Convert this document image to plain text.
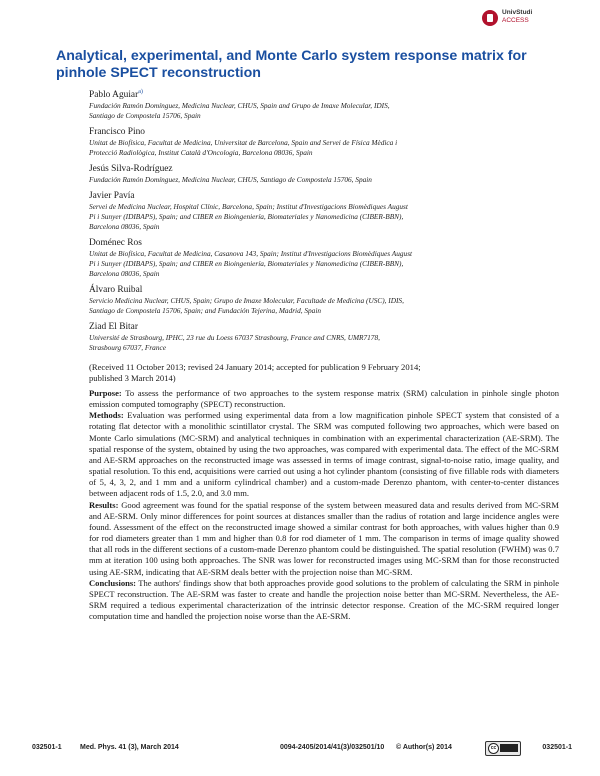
UnivStudi
ACCESS
Analytical, experimental, and Monte Carlo system response matrix for pinhole SPECT reconstruction
Pablo Aguiar$^{a)}$
Fundación Ramón Domínguez, Medicina Nuclear, CHUS, Spain and Grupo de Imaxe Molecular, IDIS,
Santiago de Compostela 15706, Spain
Francisco Pino
Unitat de Biofísica, Facultat de Medicina, Universitat de Barcelona, Spain and Servei de Física Mèdica i
Protecció Radiològica, Institut Català d'Oncologia, Barcelona 08036, Spain
Jesús Silva-Rodríguez
Fundación Ramón Domínguez, Medicina Nuclear, CHUS, Santiago de Compostela 15706, Spain
Javier Pavía
Servei de Medicina Nuclear, Hospital Clínic, Barcelona, Spain; Institut d'Investigacions Biomèdiques August
Pi i Sunyer (IDIBAPS), Spain; and CIBER en Bioingeniería, Biomateriales y Nanomedicina (CIBER-BBN),
Barcelona 08036, Spain
Doménec Ros
Unitat de Biofísica, Facultat de Medicina, Casanova 143, Spain; Institut d'Investigacions Biomèdiques August
Pi i Sunyer (IDIBAPS), Spain; and CIBER en Bioingeniería, Biomateriales y Nanomedicina (CIBER-BBN),
Barcelona 08036, Spain
Álvaro Ruibal
Servicio Medicina Nuclear, CHUS, Spain; Grupo de Imaxe Molecular, Facultade de Medicina (USC), IDIS,
Santiago de Compostela 15706, Spain; and Fundación Tejerina, Madrid, Spain
Ziad El Bitar
Université de Strasbourg, IPHC, 23 rue du Loess 67037 Strasbourg, France and CNRS, UMR7178,
Strasbourg 67037, France

(Received 11 October 2013; revised 24 January 2014; accepted for publication 9 February 2014;
published 3 March 2014)

Purpose: To assess the performance of two approaches to the system response matrix (SRM) calculation in pinhole single photon emission computed tomography (SPECT) reconstruction.

Methods: Evaluation was performed using experimental data from a low magnification pinhole SPECT system that consisted of a rotating flat detector with a monolithic scintillator crystal. The SRM was computed following two approaches, which were based on Monte Carlo simulations (MC-SRM) and analytical techniques in combination with an experimental characterization (AE-SRM). The spatial response of the system, obtained by using the two approaches, was compared with experimental data. The effect of the MC-SRM and AE-SRM approaches on the reconstructed image was assessed in terms of image contrast, signal-to-noise ratio, image quality, and spatial resolution. To this end, acquisitions were carried out using a hot cylinder phantom (consisting of five fillable rods with diameters of 5, 4, 3, 2, and 1 mm and a uniform cylindrical chamber) and a custom-made Derenzo phantom, with center-to-center distances between adjacent rods of 1.5, 2.0, and 3.0 mm.

Results: Good agreement was found for the spatial response of the system between measured data and results derived from MC-SRM and AE-SRM. Only minor differences for point sources at distances smaller than the radius of rotation and large incidence angles were found. Assessment of the effect on the reconstructed image showed a similar contrast for both approaches, with values higher than 0.9 for rod diameters greater than 1 mm and higher than 0.8 for rod diameter of 1 mm. The comparison in terms of image quality showed that all rods in the different sections of a custom-made Derenzo phantom could be distinguished. The spatial resolution (FWHM) was 0.7 mm at iteration 100 using both approaches. The SNR was lower for reconstructed images using MC-SRM than for those reconstructed using AE-SRM, indicating that AE-SRM deals better with the projection noise than MC-SRM.

Conclusions: The authors' findings show that both approaches provide good solutions to the problem of calculating the SRM in pinhole SPECT reconstruction. The AE-SRM was faster to create and handle the projection noise better than MC-SRM. Nevertheless, the AE-SRM required a tedious experimental characterization of the intrinsic detector response. Creation of the MC-SRM required longer computation time and handled the projection noise worse than the AE-SRM.

032501-1	Med. Phys. 41 (3), March 2014	0094-2405/2014/41(3)/032501/10 © Author(s) 2014	cc	032501-1
